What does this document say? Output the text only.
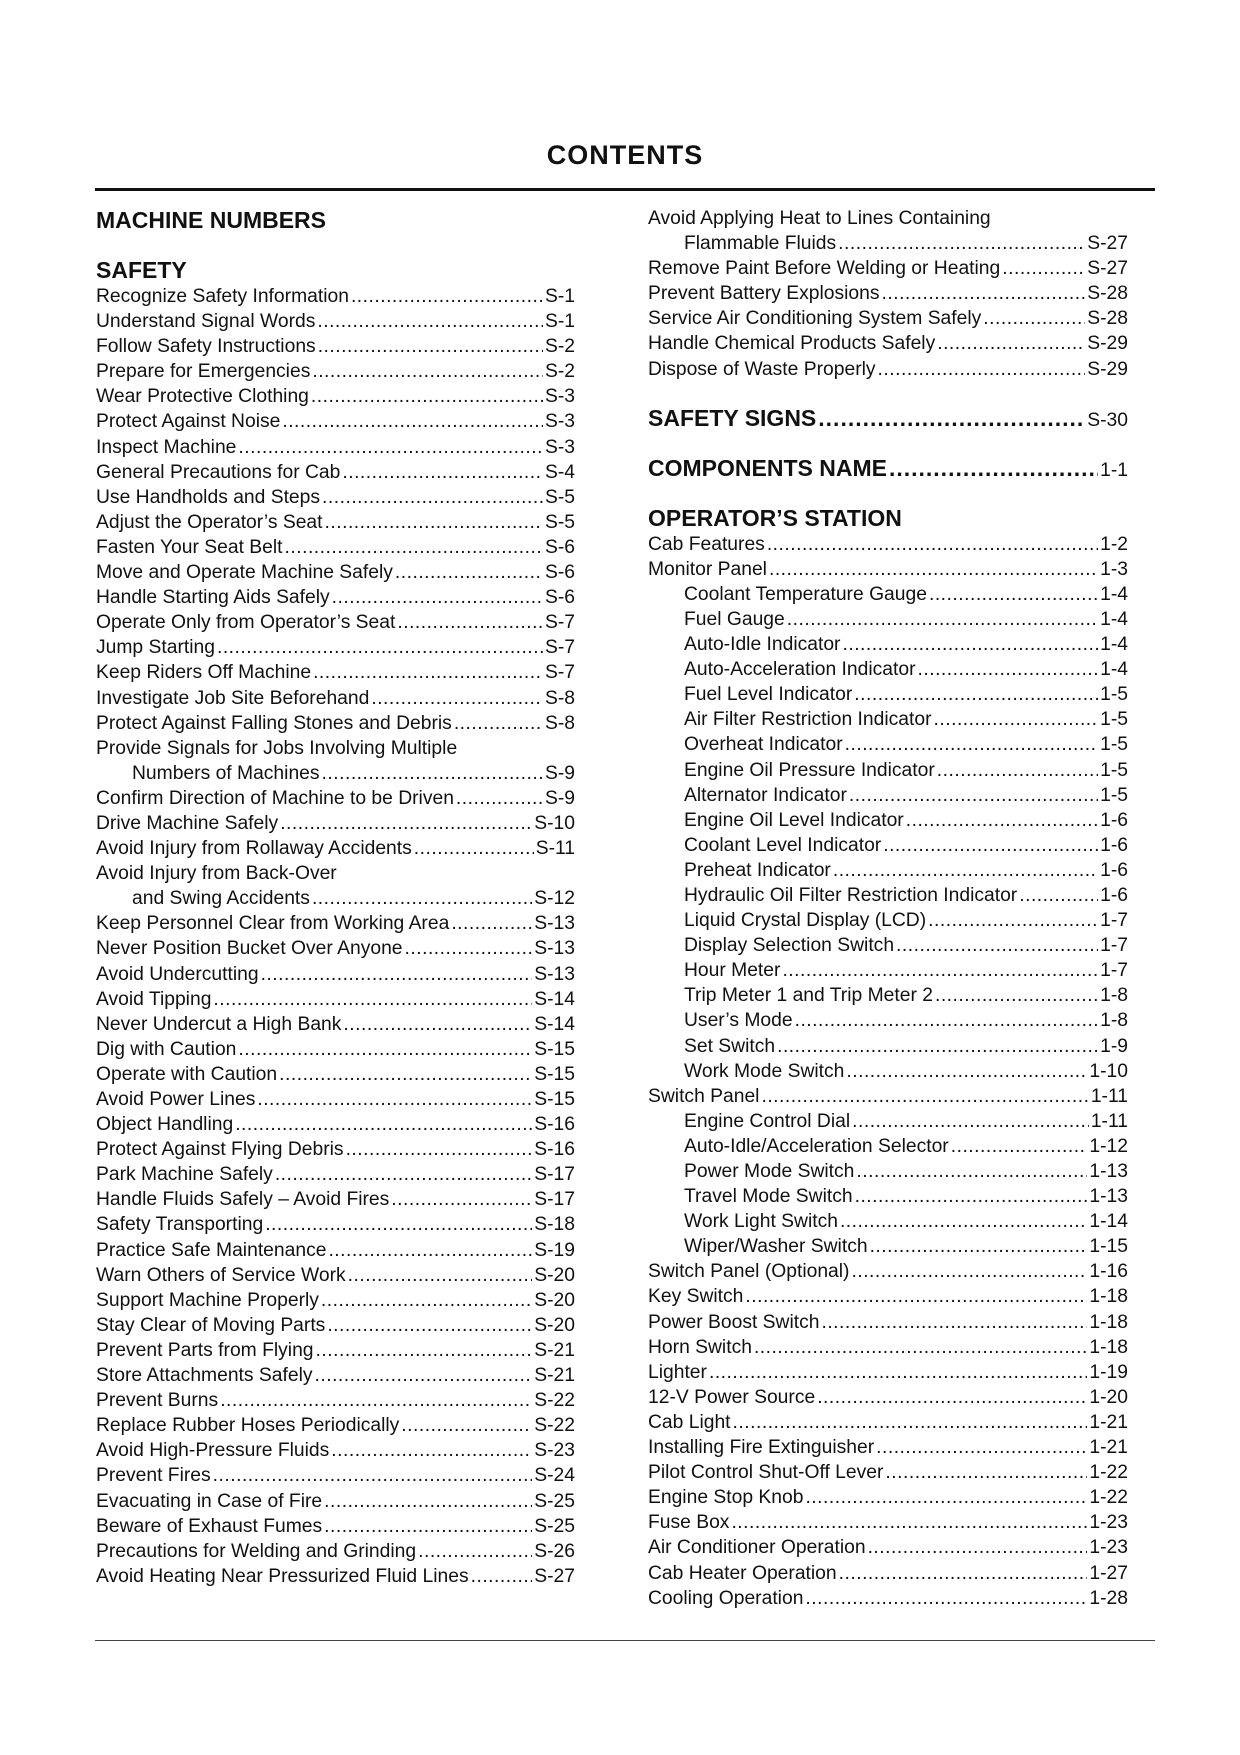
CONTENTS
MACHINE NUMBERS
SAFETY
Recognize Safety Information .....	S-1
Understand Signal Words .....	S-1
Follow Safety Instructions .....	S-2
Prepare for Emergencies .....	S-2
Wear Protective Clothing .....	S-3
Protect Against Noise .....	S-3
Inspect Machine .....	S-3
General Precautions for Cab .....	S-4
Use Handholds and Steps .....	S-5
Adjust the Operator’s Seat .....	S-5
Fasten Your Seat Belt .....	S-6
Move and Operate Machine Safely .....	S-6
Handle Starting Aids Safely .....	S-6
Operate Only from Operator’s Seat .....	S-7
Jump Starting .....	S-7
Keep Riders Off Machine .....	S-7
Investigate Job Site Beforehand .....	S-8
Protect Against Falling Stones and Debris .....	S-8
Provide Signals for Jobs Involving Multiple
Numbers of Machines .....	S-9
Confirm Direction of Machine to be Driven .....	S-9
Drive Machine Safely .....	S-10
Avoid Injury from Rollaway Accidents .....	S-11
Avoid Injury from Back-Over
and Swing Accidents .....	S-12
Keep Personnel Clear from Working Area .....	S-13
Never Position Bucket Over Anyone .....	S-13
Avoid Undercutting .....	S-13
Avoid Tipping .....	S-14
Never Undercut a High Bank .....	S-14
Dig with Caution .....	S-15
Operate with Caution .....	S-15
Avoid Power Lines .....	S-15
Object Handling .....	S-16
Protect Against Flying Debris .....	S-16
Park Machine Safely .....	S-17
Handle Fluids Safely – Avoid Fires .....	S-17
Safety Transporting .....	S-18
Practice Safe Maintenance .....	S-19
Warn Others of Service Work .....	S-20
Support Machine Properly .....	S-20
Stay Clear of Moving Parts .....	S-20
Prevent Parts from Flying .....	S-21
Store Attachments Safely .....	S-21
Prevent Burns .....	S-22
Replace Rubber Hoses Periodically .....	S-22
Avoid High-Pressure Fluids .....	S-23
Prevent Fires .....	S-24
Evacuating in Case of Fire .....	S-25
Beware of Exhaust Fumes .....	S-25
Precautions for Welding and Grinding .....	S-26
Avoid Heating Near Pressurized Fluid Lines .....	S-27
Avoid Applying Heat to Lines Containing
Flammable Fluids .....	S-27
Remove Paint Before Welding or Heating .....	S-27
Prevent Battery Explosions .....	S-28
Service Air Conditioning System Safely .....	S-28
Handle Chemical Products Safely .....	S-29
Dispose of Waste Properly .....	S-29
SAFETY SIGNS .....	S-30
COMPONENTS NAME .....	1-1
OPERATOR’S STATION
Cab Features .....	1-2
Monitor Panel .....	1-3
Coolant Temperature Gauge .....	1-4
Fuel Gauge .....	1-4
Auto-Idle Indicator .....	1-4
Auto-Acceleration Indicator .....	1-4
Fuel Level Indicator .....	1-5
Air Filter Restriction Indicator .....	1-5
Overheat Indicator .....	1-5
Engine Oil Pressure Indicator .....	1-5
Alternator Indicator .....	1-5
Engine Oil Level Indicator .....	1-6
Coolant Level Indicator .....	1-6
Preheat Indicator .....	1-6
Hydraulic Oil Filter Restriction Indicator .....	1-6
Liquid Crystal Display (LCD) .....	1-7
Display Selection Switch .....	1-7
Hour Meter .....	1-7
Trip Meter 1 and Trip Meter 2 .....	1-8
User’s Mode .....	1-8
Set Switch .....	1-9
Work Mode Switch .....	1-10
Switch Panel .....	1-11
Engine Control Dial .....	1-11
Auto-Idle/Acceleration Selector .....	1-12
Power Mode Switch .....	1-13
Travel Mode Switch .....	1-13
Work Light Switch .....	1-14
Wiper/Washer Switch .....	1-15
Switch Panel (Optional) .....	1-16
Key Switch .....	1-18
Power Boost Switch .....	1-18
Horn Switch .....	1-18
Lighter .....	1-19
12-V Power Source .....	1-20
Cab Light .....	1-21
Installing Fire Extinguisher .....	1-21
Pilot Control Shut-Off Lever .....	1-22
Engine Stop Knob .....	1-22
Fuse Box .....	1-23
Air Conditioner Operation .....	1-23
Cab Heater Operation .....	1-27
Cooling Operation .....	1-28
